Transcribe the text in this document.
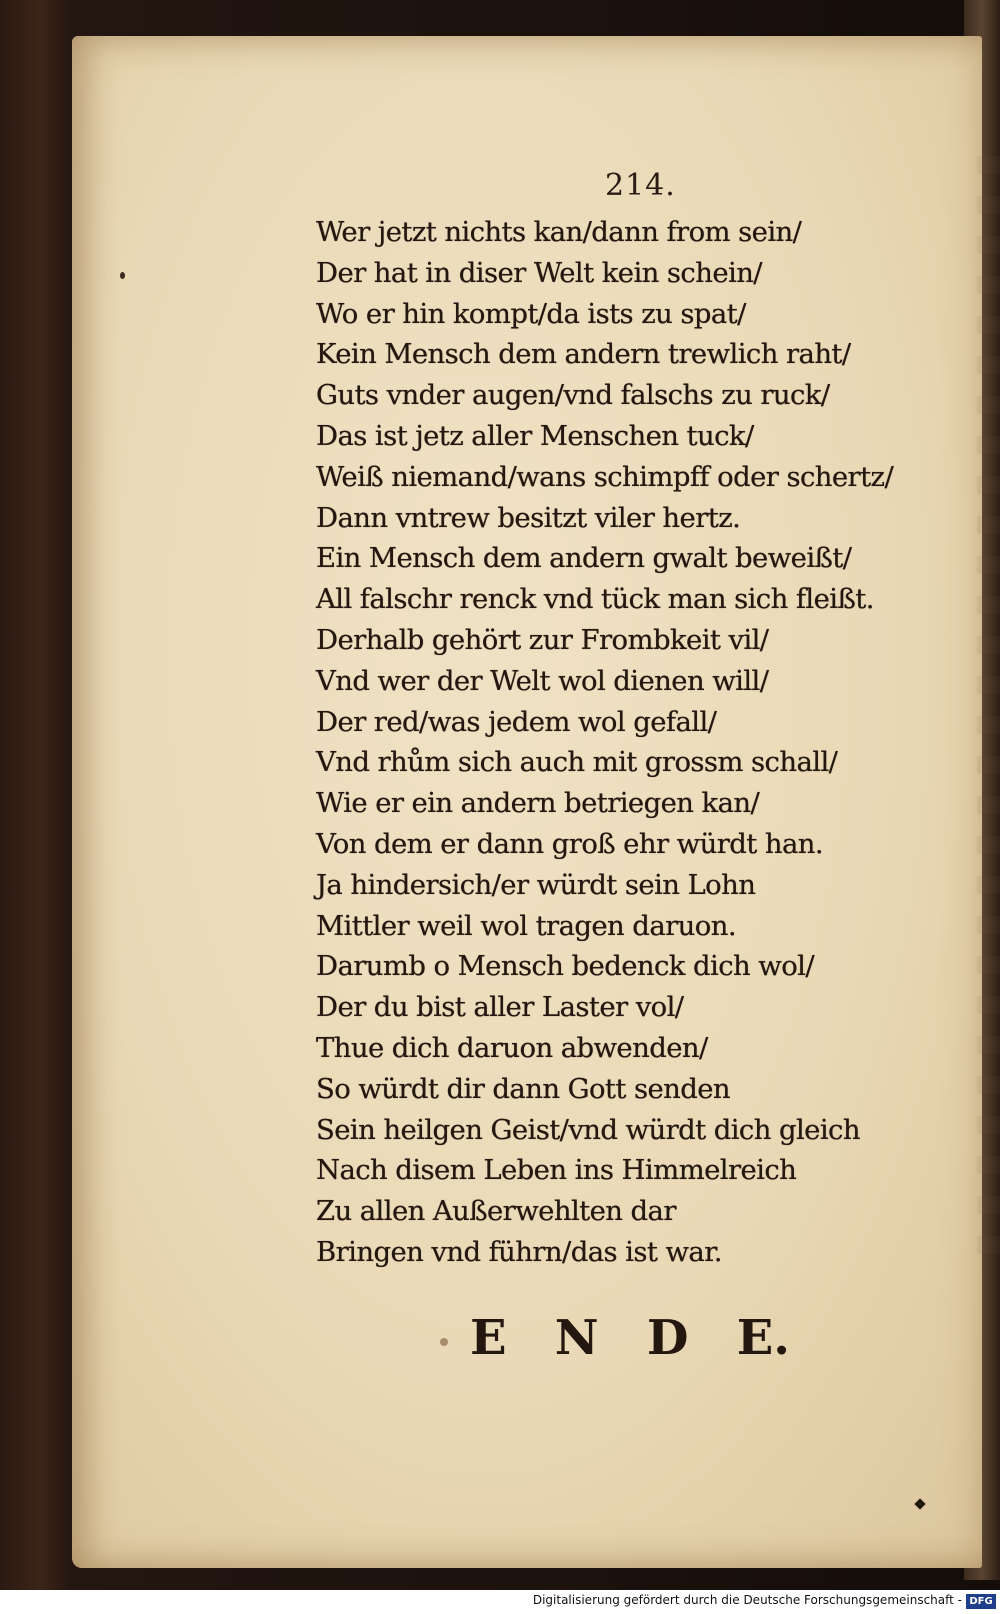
214.
Wer jetzt nichts kan/dann from sein/
Der hat in diser Welt kein schein/
Wo er hin kompt/da ists zu spat/
Kein Mensch dem andern trewlich raht/
Guts vnder augen/vnd falschs zu ruck/
Das ist jetz aller Menschen tuck/
Weiß niemand/wans schimpff oder schertz/
Dann vntrew besitzt viler hertz.
Ein Mensch dem andern gwalt beweißt/
All falschr renck vnd tück man sich fleißt.
Derhalb gehört zur Frombkeit vil/
Vnd wer der Welt wol dienen will/
Der red/was jedem wol gefall/
Vnd rhům sich auch mit grossm schall/
Wie er ein andern betriegen kan/
Von dem er dann groß ehr würdt han.
Ja hindersich/er würdt sein Lohn
Mittler weil wol tragen daruon.
Darumb o Mensch bedenck dich wol/
Der du bist aller Laster vol/
Thue dich daruon abwenden/
So würdt dir dann Gott senden
Sein heilgen Geist/vnd würdt dich gleich
Nach disem Leben ins Himmelreich
Zu allen Außerwehlten dar
Bringen vnd führn/das ist war.
E N D E.
Digitalisierung gefördert durch die Deutsche Forschungsgemeinschaft - DFG
